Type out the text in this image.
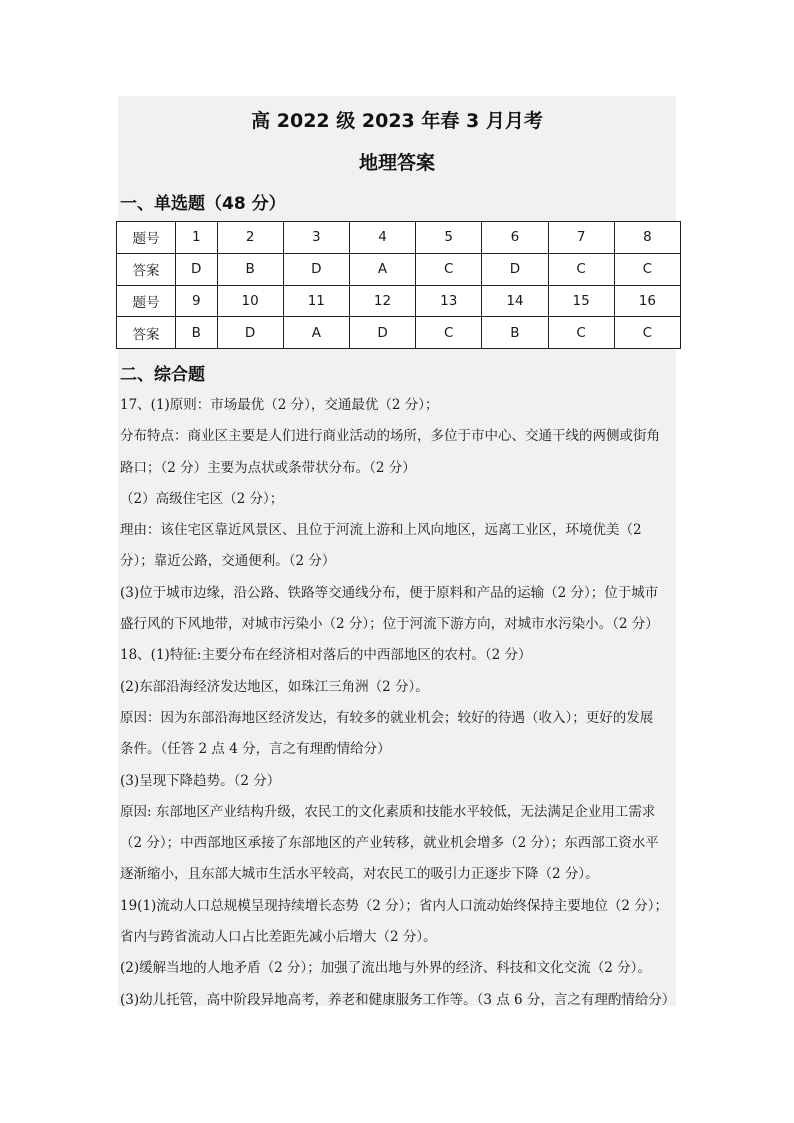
高 2022 级 2023 年春 3 月月考
地理答案
一、单选题（48 分）
题号	1	2	3	4	5	6	7	8
答案	D	B	D	A	C	D	C	C
题号	9	10	11	12	13	14	15	16
答案	B	D	A	D	C	B	C	C
二、综合题
17、(1)原则：市场最优（2 分），交通最优（2 分）；
分布特点：商业区主要是人们进行商业活动的场所，多位于市中心、交通干线的两侧或街角
路口；（2 分）主要为点状或条带状分布。（2 分）
（2）高级住宅区（2 分）；
理由：该住宅区靠近风景区、且位于河流上游和上风向地区，远离工业区，环境优美（2
分）；靠近公路，交通便利。（2 分）
(3)位于城市边缘，沿公路、铁路等交通线分布，便于原料和产品的运输（2 分）；位于城市
盛行风的下风地带，对城市污染小（2 分）；位于河流下游方向，对城市水污染小。（2 分）
18、(1)特征:主要分布在经济相对落后的中西部地区的农村。（2 分）
(2)东部沿海经济发达地区，如珠江三角洲（2 分）。
原因：因为东部沿海地区经济发达，有较多的就业机会；较好的待遇（收入）；更好的发展
条件。（任答 2 点 4 分，言之有理酌情给分）
(3)呈现下降趋势。（2 分）
原因: 东部地区产业结构升级，农民工的文化素质和技能水平较低，无法满足企业用工需求
（2 分）；中西部地区承接了东部地区的产业转移，就业机会增多（2 分）；东西部工资水平
逐渐缩小，且东部大城市生活水平较高，对农民工的吸引力正逐步下降（2 分）。
19(1)流动人口总规模呈现持续增长态势（2 分）；省内人口流动始终保持主要地位（2 分）；
省内与跨省流动人口占比差距先减小后增大（2 分）。
(2)缓解当地的人地矛盾（2 分）；加强了流出地与外界的经济、科技和文化交流（2 分）。
(3)幼儿托管，高中阶段异地高考，养老和健康服务工作等。（3 点 6 分，言之有理酌情给分）
